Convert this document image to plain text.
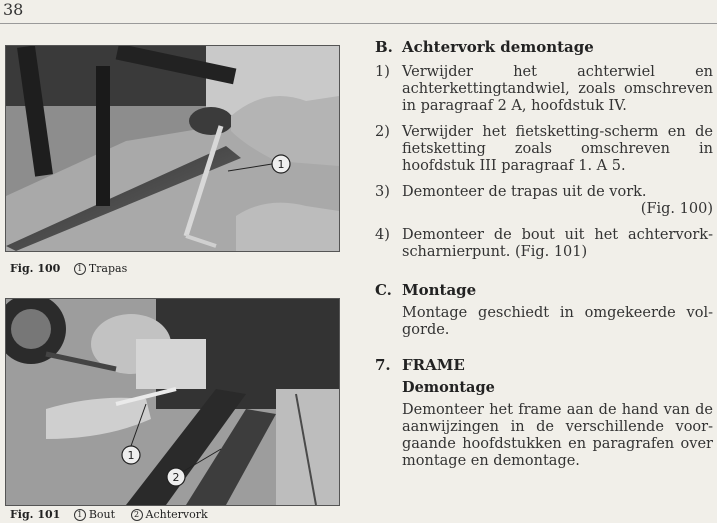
38
1
Fig. 100 1 Trapas
1
2
Fig. 101 1 Bout 2 Achtervork
B. Achtervork demontage
1) Verwijder het achterwiel en achterkettingtandwiel, zoals omschreven in paragraaf 2 A, hoofdstuk IV.
2) Verwijder het fietsketting-scherm en de fietsketting zoals omschreven in hoofdstuk III paragraaf 1. A 5.
3) Demonteer de trapas uit de vork.
(Fig. 100)
4) Demonteer de bout uit het achtervorkscharnierpunt. (Fig. 101)
C. Montage
Montage geschiedt in omgekeerde volgorde.
7. FRAME
Demontage
Demonteer het frame aan de hand van de aanwijzingen in de verschillende voorgaande hoofdstukken en paragrafen over montage en demontage.
